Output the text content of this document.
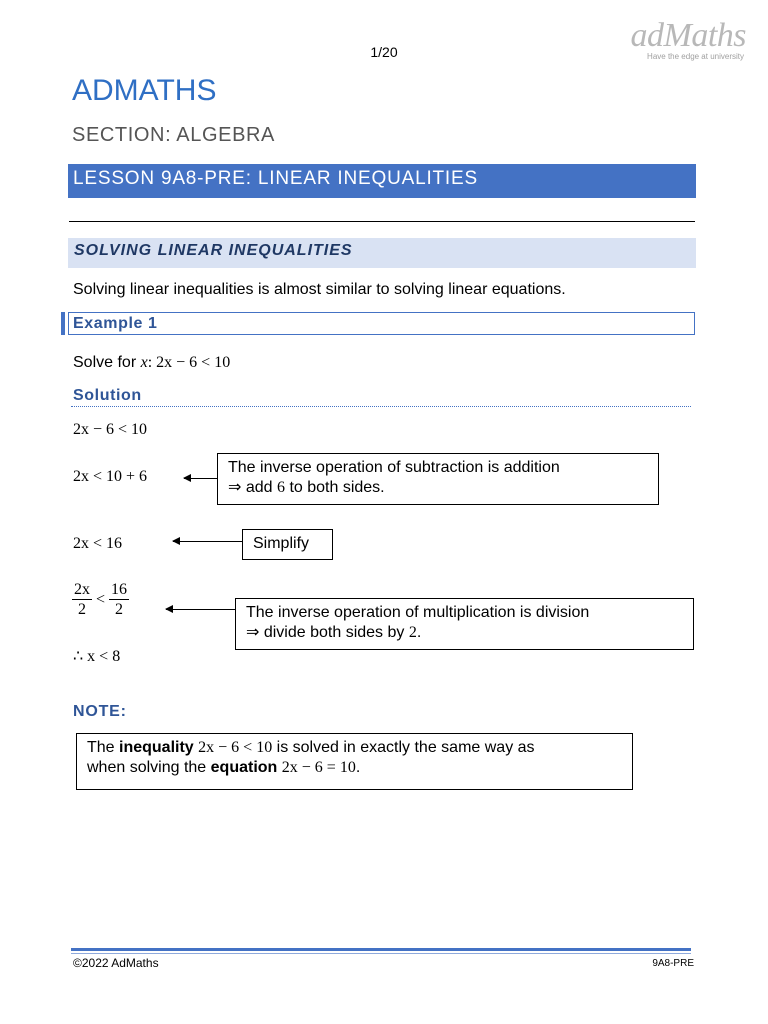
1/20	adMaths
Have the edge at university
ADMATHS
SECTION: ALGEBRA
LESSON 9A8-PRE: LINEAR INEQUALITIES
SOLVING LINEAR INEQUALITIES
Solving linear inequalities is almost similar to solving linear equations.
Example 1
Solve for x: 2x − 6 < 10
Solution
2x − 6 < 10
2x < 10 + 6
2x < 16
$\frac{2x}{2} < \frac{16}{2}$
∴ x < 8
The inverse operation of subtraction is addition
⇒ add 6 to both sides.
Simplify
The inverse operation of multiplication is division
⇒ divide both sides by 2.
NOTE:
The inequality 2x − 6 < 10 is solved in exactly the same way as
when solving the equation 2x − 6 = 10.
©2022 AdMaths	9A8-PRE
